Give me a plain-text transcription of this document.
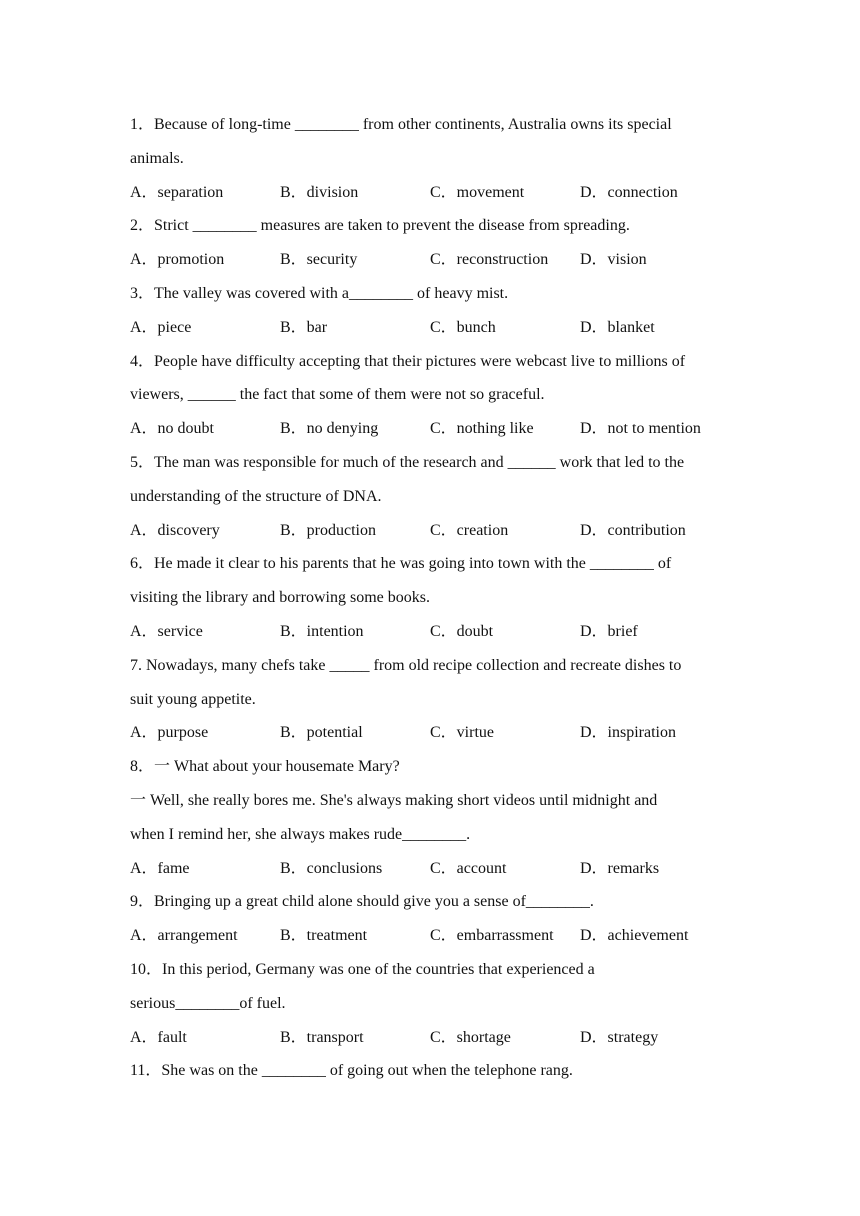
1．Because of long-time ________ from other continents, Australia owns its special
animals.
A．separation	B．division	C．movement	D．connection
2．Strict ________ measures are taken to prevent the disease from spreading.
A．promotion	B．security	C．reconstruction D．vision
3．The valley was covered with a________ of heavy mist.
A．piece	B．bar	C．bunch	D．blanket
4．People have difficulty accepting that their pictures were webcast live to millions of
viewers, ______ the fact that some of them were not so graceful.
A．no doubt	B．no denying	C．nothing like	D．not to mention
5．The man was responsible for much of the research and ______ work that led to the
understanding of the structure of DNA.
A．discovery	B．production	C．creation	D．contribution
6．He made it clear to his parents that he was going into town with the ________ of
visiting the library and borrowing some books.
A．service	B．intention	C．doubt	D．brief
7. Nowadays, many chefs take _____ from old recipe collection and recreate dishes to
suit young appetite.
A．purpose	B．potential	C．virtue	D．inspiration
8．一 What about your housemate Mary?
一 Well, she really bores me. She's always making short videos until midnight and
when I remind her, she always makes rude________.
A．fame	B．conclusions	C．account	D．remarks
9．Bringing up a great child alone should give you a sense of________.
A．arrangement	B．treatment	C．embarrassment D．achievement
10．In this period, Germany was one of the countries that experienced a
serious________of fuel.
A．fault	B．transport	C．shortage	D．strategy
11．She was on the ________ of going out when the telephone rang.
